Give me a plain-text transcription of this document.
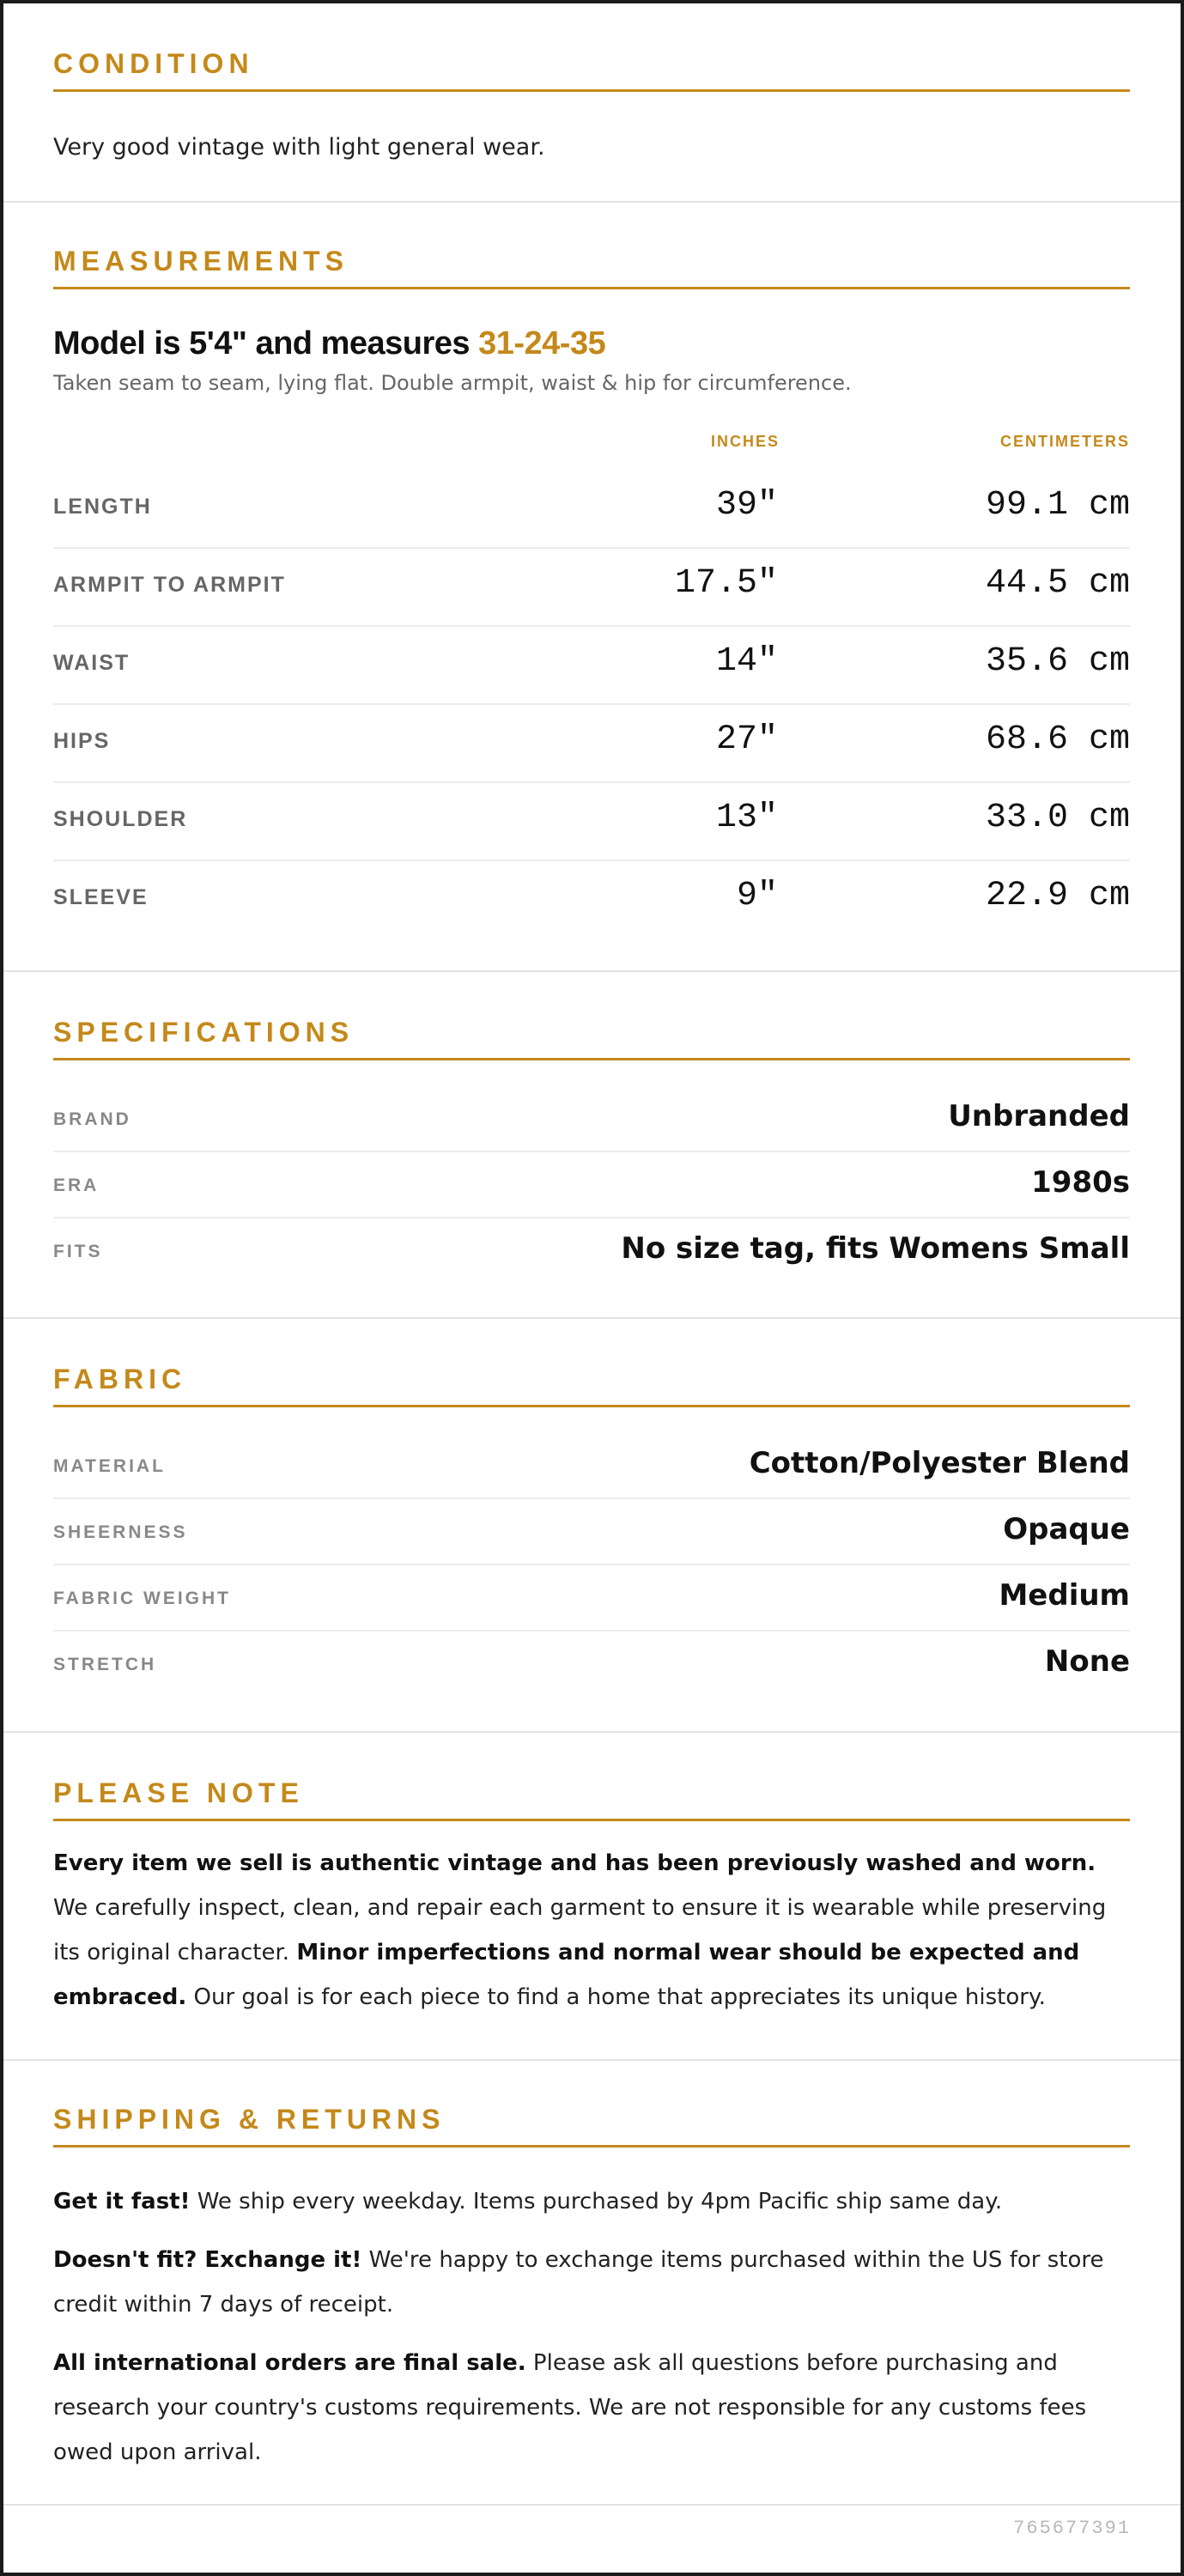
CONDITION
Very good vintage with light general wear.
MEASUREMENTS
Model is 5'4" and measures 31-24-35
Taken seam to seam, lying flat. Double armpit, waist & hip for circumference.
INCHES	CENTIMETERS
LENGTH	39"	99.1 cm
ARMPIT TO ARMPIT	17.5"	44.5 cm
WAIST	14"	35.6 cm
HIPS	27"	68.6 cm
SHOULDER	13"	33.0 cm
SLEEVE	9"	22.9 cm
SPECIFICATIONS
BRAND	Unbranded
ERA	1980s
FITS	No size tag, fits Womens Small
FABRIC
MATERIAL	Cotton/Polyester Blend
SHEERNESS	Opaque
FABRIC WEIGHT	Medium
STRETCH	None
PLEASE NOTE
Every item we sell is authentic vintage and has been previously washed and worn. We carefully inspect, clean, and repair each garment to ensure it is wearable while preserving its original character. Minor imperfections and normal wear should be expected and embraced. Our goal is for each piece to find a home that appreciates its unique history.
SHIPPING & RETURNS
Get it fast! We ship every weekday. Items purchased by 4pm Pacific ship same day.
Doesn't fit? Exchange it! We're happy to exchange items purchased within the US for store credit within 7 days of receipt.
All international orders are final sale. Please ask all questions before purchasing and research your country's customs requirements. We are not responsible for any customs fees owed upon arrival.
765677391
